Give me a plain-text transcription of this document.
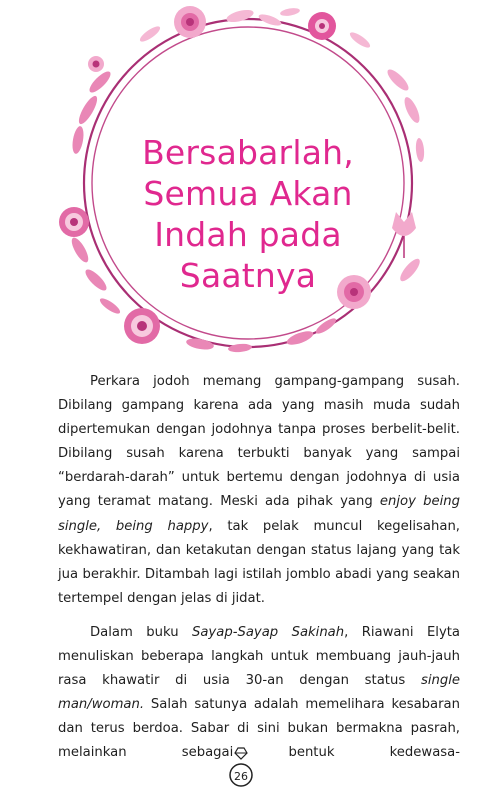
Bersabarlah,
Semua Akan
Indah pada
Saatnya

Perkara jodoh memang gampang-gampang susah. Dibilang gampang karena ada yang masih muda sudah dipertemukan dengan jodohnya tanpa proses berbelit-belit. Dibilang susah karena terbukti banyak yang sampai “berdarah-darah” untuk bertemu dengan jodohnya di usia yang teramat matang. Meski ada pihak yang enjoy being single, being happy, tak pelak muncul kegelisahan, kekhawatiran, dan ketakutan dengan status lajang yang tak jua berakhir. Ditambah lagi istilah jomblo abadi yang seakan tertempel dengan jelas di jidat.

Dalam buku Sayap-Sayap Sakinah, Riawani Elyta menuliskan beberapa langkah untuk membuang jauh-jauh rasa khawatir di usia 30-an dengan status single man/woman. Salah satunya adalah memelihara kesabaran dan terus berdoa. Sabar di sini bukan bermakna pasrah, melainkan sebagai bentuk kedewasa-

26
